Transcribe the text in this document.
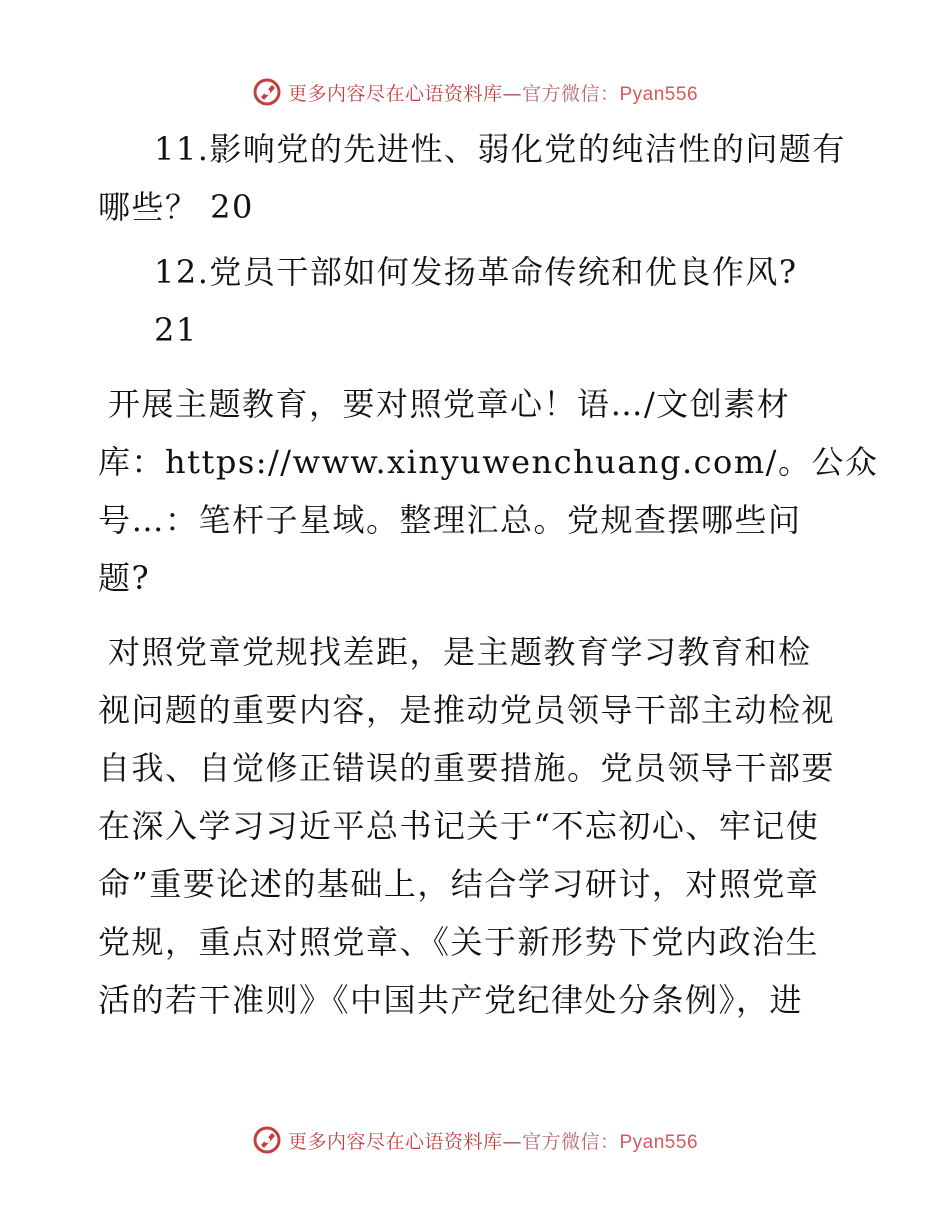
更多内容尽在心语资料库—官方微信：Pyan556
11.影响党的先进性、弱化党的纯洁性的问题有
哪些？ 20
12.党员干部如何发扬革命传统和优良作风?
21
开展主题教育，要对照党章心！语…/文创素材
库：https://www.xinyuwenchuang.com/。公众
号…：笔杆子星域。整理汇总。党规查摆哪些问
题?
对照党章党规找差距，是主题教育学习教育和检
视问题的重要内容，是推动党员领导干部主动检视
自我、自觉修正错误的重要措施。党员领导干部要
在深入学习习近平总书记关于“不忘初心、牢记使
命”重要论述的基础上，结合学习研讨，对照党章
党规，重点对照党章、《关于新形势下党内政治生
活的若干准则》《中国共产党纪律处分条例》，进
更多内容尽在心语资料库—官方微信：Pyan556
